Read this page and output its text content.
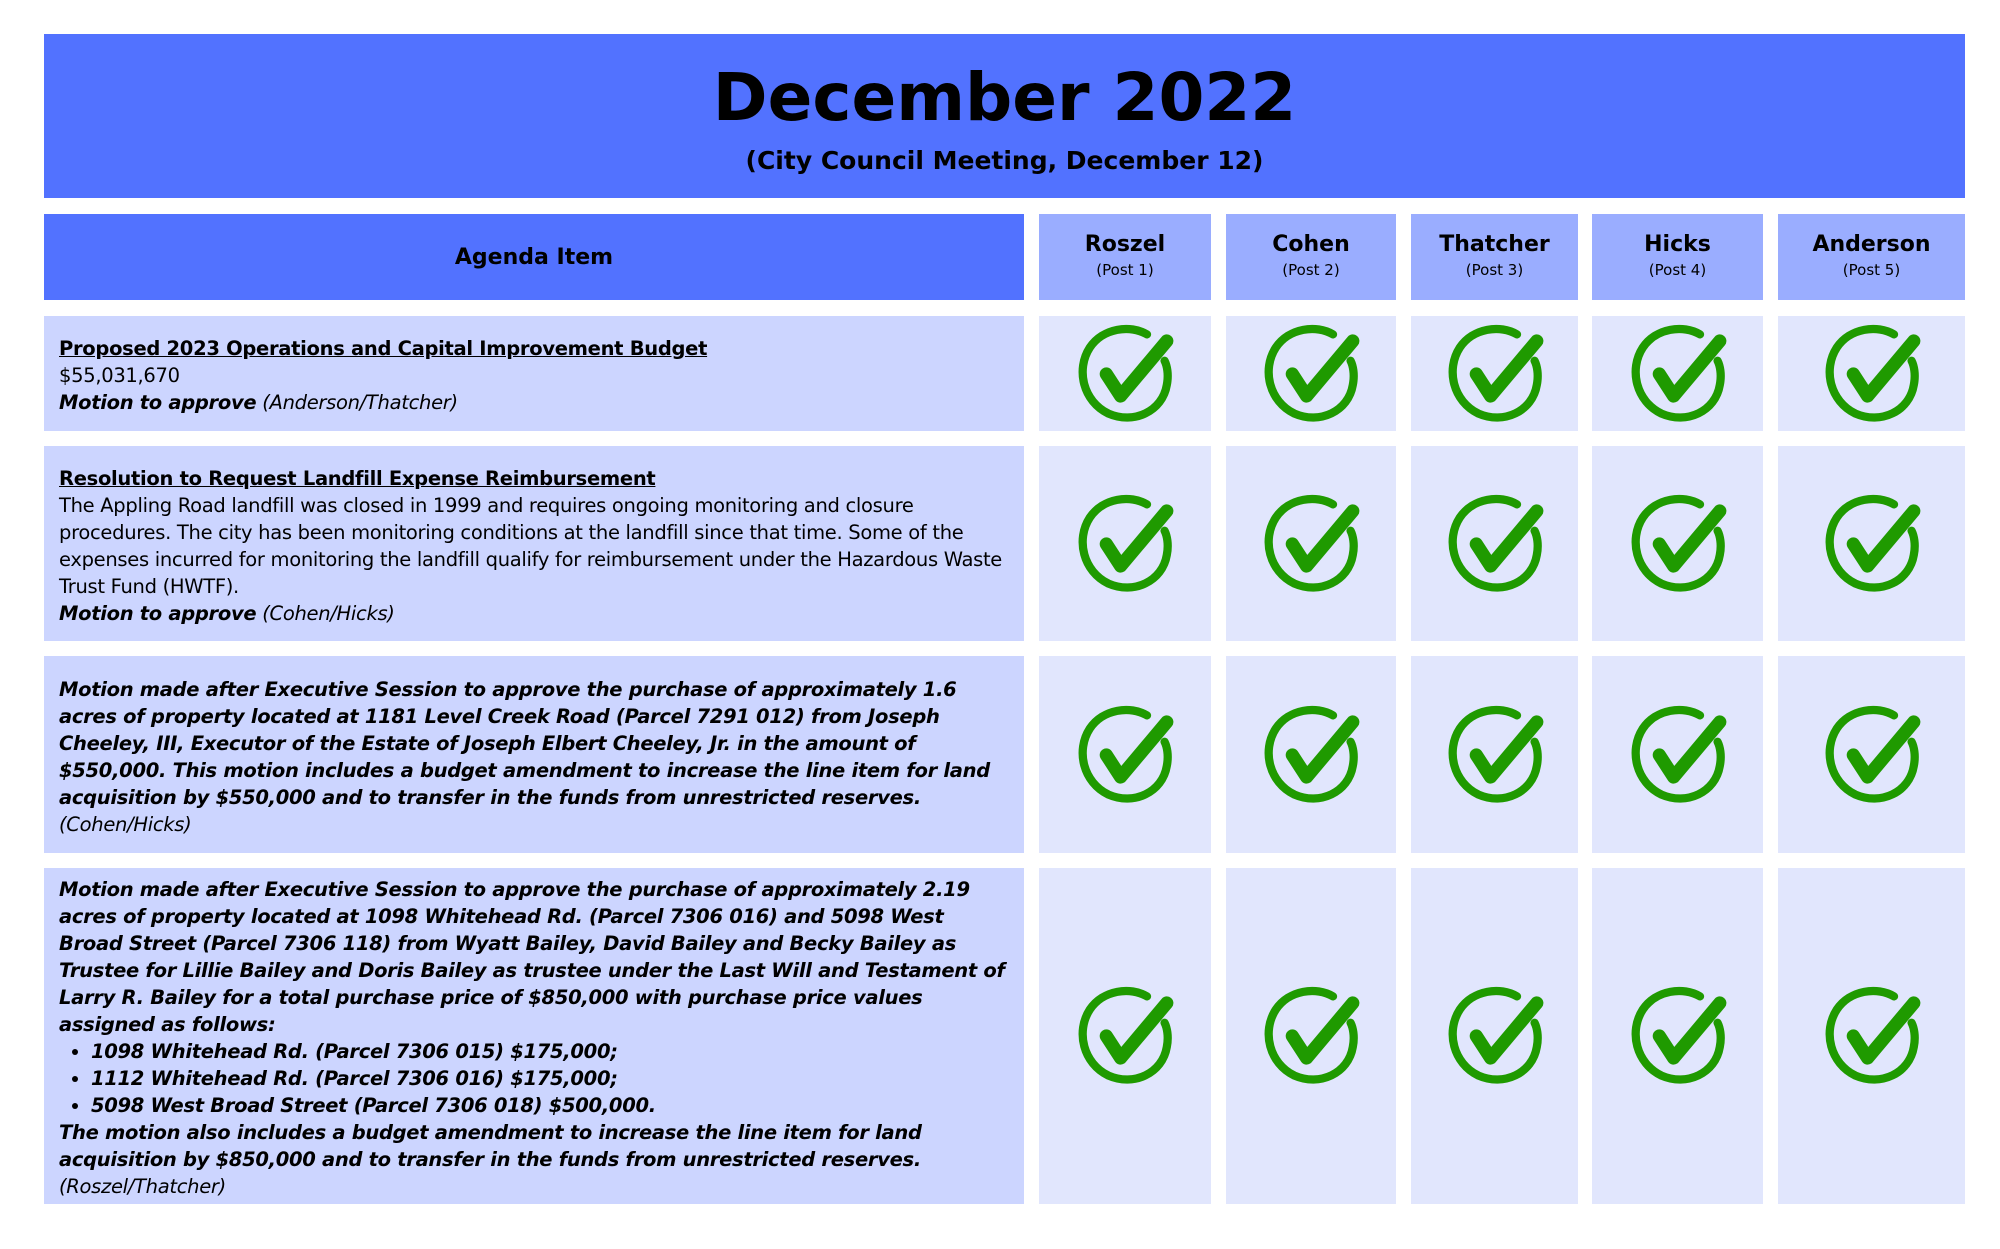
December 2022
(City Council Meeting, December 12)
Agenda Item	Roszel
(Post 1)
Cohen
(Post 2)
Thatcher
(Post 3)
Hicks
(Post 4)
Anderson
(Post 5)
Proposed 2023 Operations and Capital Improvement Budget
$55,031,670
Motion to approve (Anderson/Thatcher)
Resolution to Request Landfill Expense Reimbursement
The Appling Road landfill was closed in 1999 and requires ongoing monitoring and closure procedures. The city has been monitoring conditions at the landfill since that time. Some of the expenses incurred for monitoring the landfill qualify for reimbursement under the Hazardous Waste Trust Fund (HWTF).
Motion to approve (Cohen/Hicks)
Motion made after Executive Session to approve the purchase of approximately 1.6 acres of property located at 1181 Level Creek Road (Parcel 7291 012) from Joseph Cheeley, III, Executor of the Estate of Joseph Elbert Cheeley, Jr. in the amount of $550,000. This motion includes a budget amendment to increase the line item for land acquisition by $550,000 and to transfer in the funds from unrestricted reserves.
(Cohen/Hicks)
Motion made after Executive Session to approve the purchase of approximately 2.19 acres of property located at 1098 Whitehead Rd. (Parcel 7306 016) and 5098 West Broad Street (Parcel 7306 118) from Wyatt Bailey, David Bailey and Becky Bailey as Trustee for Lillie Bailey and Doris Bailey as trustee under the Last Will and Testament of Larry R. Bailey for a total purchase price of $850,000 with purchase price values assigned as follows:
• 1098 Whitehead Rd. (Parcel 7306 015) $175,000;
• 1112 Whitehead Rd. (Parcel 7306 016) $175,000;
• 5098 West Broad Street (Parcel 7306 018) $500,000.
The motion also includes a budget amendment to increase the line item for land acquisition by $850,000 and to transfer in the funds from unrestricted reserves.
(Roszel/Thatcher)
